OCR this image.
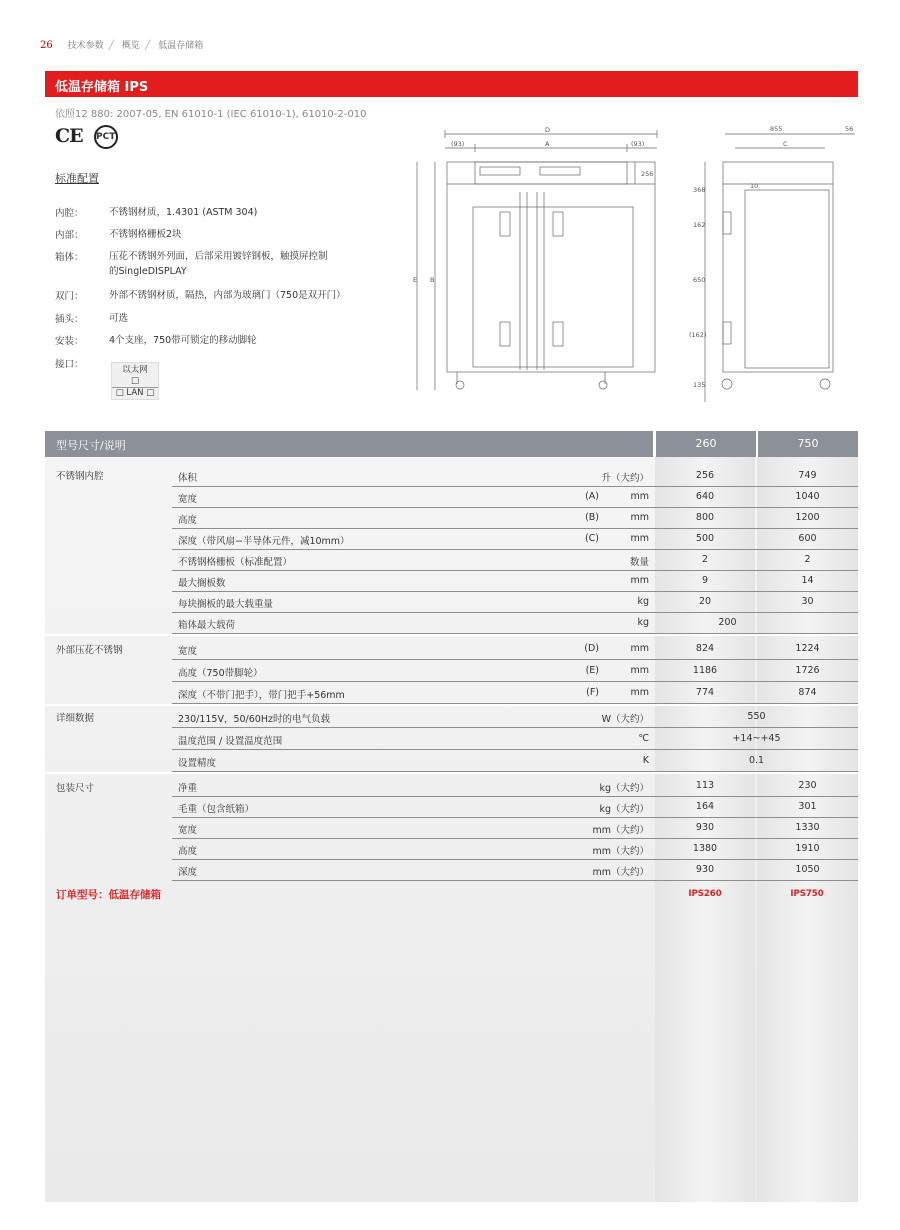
26 技术参数 ╱ 概览 ╱ 低温存储箱
低温存储箱 IPS
依照12 880: 2007-05, EN 61010-1 (IEC 61010-1), 61010-2-010
CE PCT
标准配置
内腔：	不锈钢材质，1.4301 (ASTM 304)
内部：	不锈钢格栅板2块
箱体：	压花不锈钢外列面，后部采用镀锌钢板，触摸屏控制
的SingleDISPLAY
双门：	外部不锈钢材质，隔热，内部为玻璃门（750是双开门）
插头：	可选
安装：	4个支座，750带可锁定的移动脚轮
接口：	以太网
□
□ LAN □
D
A
(93)	(93)
256
E B
855	56
C
10
368
162
650
(162)
135
型号尺寸/说明	260	750
不锈钢内腔	体积	升（大约）	256	749
宽度	(A)	mm	640	1040
高度	(B)	mm	800	1200
深度（带风扇−半导体元件，减10mm）	(C)	mm	500	600
不锈钢格栅板（标准配置）	数量	2	2
最大搁板数	mm	9	14
每块搁板的最大载重量	kg	20	30
箱体最大载荷	kg	200
外部压花不锈钢	宽度	(D)	mm	824	1224
高度（750带脚轮）	(E)	mm	1186	1726
深度（不带门把手），带门把手+56mm	(F)	mm	774	874
详细数据	230/115V，50/60Hz时的电气负载	W（大约）	550
温度范围 / 设置温度范围	℃	+14~+45
设置精度	K	0.1
包装尺寸	净重	kg（大约）	113	230
毛重（包含纸箱）	kg（大约）	164	301
宽度	mm（大约）	930	1330
高度	mm（大约）	1380	1910
深度	mm（大约）	930	1050
订单型号：低温存储箱	IPS260	IPS750
